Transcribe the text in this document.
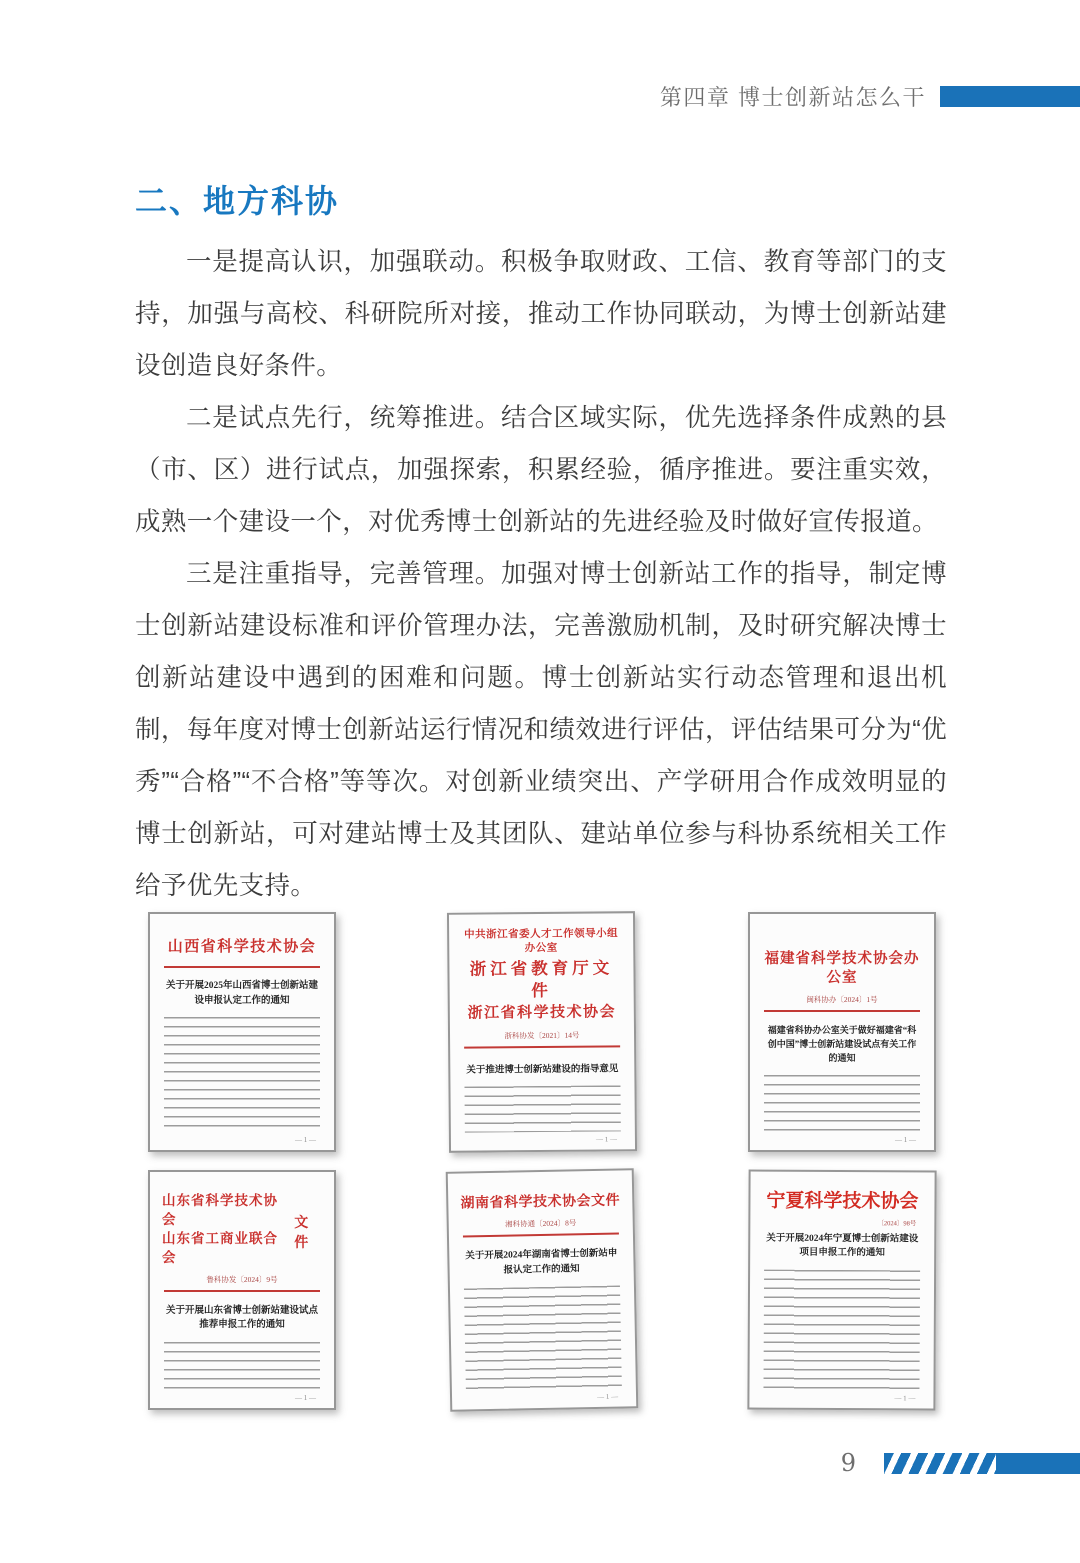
第四章 博士创新站怎么干
二、地方科协

一是提高认识，加强联动。积极争取财政、工信、教育等部门的支持，加强与高校、科研院所对接，推动工作协同联动，为博士创新站建设创造良好条件。

二是试点先行，统筹推进。结合区域实际，优先选择条件成熟的县（市、区）进行试点，加强探索，积累经验，循序推进。要注重实效，成熟一个建设一个，对优秀博士创新站的先进经验及时做好宣传报道。

三是注重指导，完善管理。加强对博士创新站工作的指导，制定博士创新站建设标准和评价管理办法，完善激励机制，及时研究解决博士创新站建设中遇到的困难和问题。博士创新站实行动态管理和退出机制，每年度对博士创新站运行情况和绩效进行评估，评估结果可分为“优秀”“合格”“不合格”等等次。对创新业绩突出、产学研用合作成效明显的博士创新站，可对建站博士及其团队、建站单位参与科协系统相关工作给予优先支持。

山西省科学技术协会
关于开展2025年山西省博士创新站建设申报认定工作的通知
— 1 —
中共浙江省委人才工作领导小组办公室
浙江省教育厅文件
浙江省科学技术协会
浙科协发〔2021〕14号
关于推进博士创新站建设的指导意见
— 1 —
福建省科学技术协会办公室
闽科协办〔2024〕1号
福建省科协办公室关于做好福建省“科创中国”博士创新站建设试点有关工作的通知
— 1 —
山东省科学技术协会
山东省工商业联合会
文件
鲁科协发〔2024〕9号
关于开展山东省博士创新站建设试点推荐申报工作的通知
— 1 —
湖南省科学技术协会文件
湘科协通〔2024〕8号
关于开展2024年湖南省博士创新站申报认定工作的通知
— 1 —
宁夏科学技术协会
〔2024〕98号
关于开展2024年宁夏博士创新站建设项目申报工作的通知
— 1 —
9
